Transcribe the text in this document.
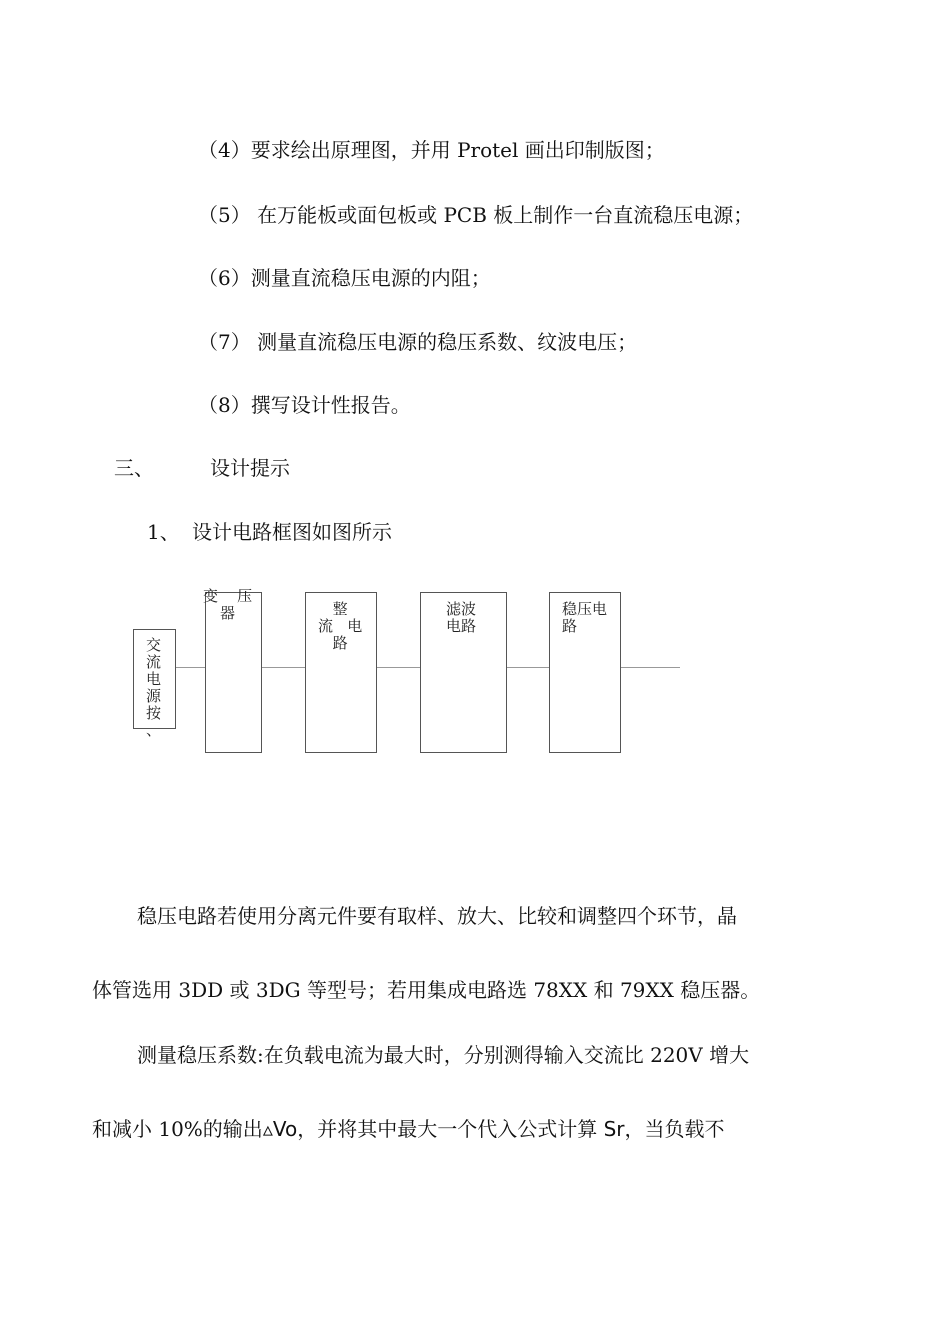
（4）要求绘出原理图，并用 Protel 画出印制版图；
（5） 在万能板或面包板或 PCB 板上制作一台直流稳压电源；
（6）测量直流稳压电源的内阻；
（7） 测量直流稳压电源的稳压系数、纹波电压；
（8）撰写设计性报告。
三、	设计提示
1、 设计电路框图如图所示
交
流
电
源
按
、
变    压
器	整
流   电
路
滤波
电路
稳压电
路
稳压电路若使用分离元件要有取样、放大、比较和调整四个环节，晶
体管选用 3DD 或 3DG 等型号；若用集成电路选 78XX 和 79XX 稳压器。
测量稳压系数:在负载电流为最大时，分别测得输入交流比 220V 增大
和减小 10%的输出▵Vo，并将其中最大一个代入公式计算 Sr，当负载不
